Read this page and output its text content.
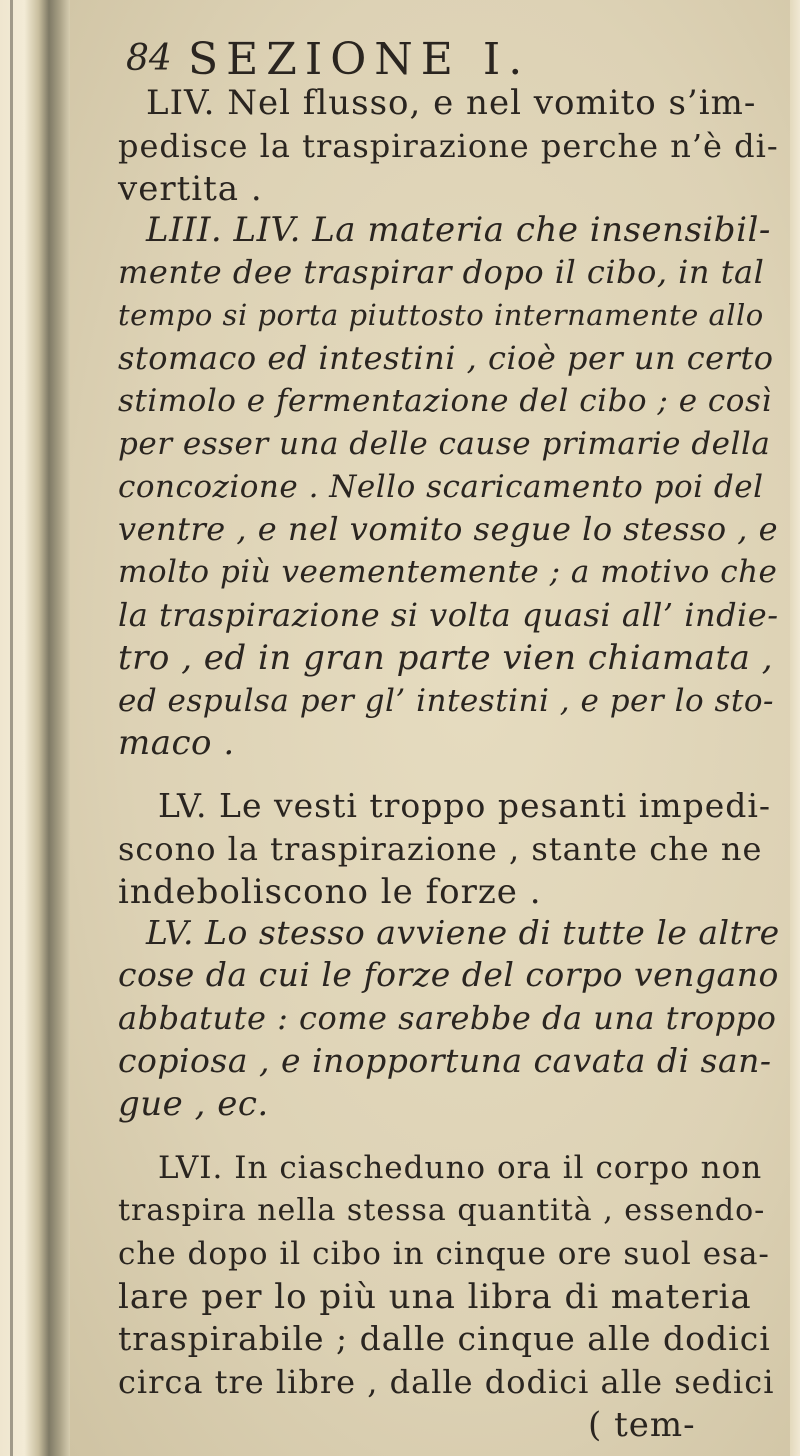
84 SEZIONE I.
LIV. Nel flusso, e nel vomito s’im-
pedisce la traspirazione perche n’è di-
vertita .
LIII. LIV. La materia che insensibil-
mente dee traspirar dopo il cibo, in tal
tempo si porta piuttosto internamente allo
stomaco ed intestini , cioè per un certo
stimolo e fermentazione del cibo ; e così
per esser una delle cause primarie della
concozione . Nello scaricamento poi del
ventre , e nel vomito segue lo stesso , e
molto più veementemente ; a motivo che
la traspirazione si volta quasi all’ indie-
tro , ed in gran parte vien chiamata ,
ed espulsa per gl’ intestini , e per lo sto-
maco .
LV. Le vesti troppo pesanti impedi-
scono la traspirazione , stante che ne
indeboliscono le forze .
LV. Lo stesso avviene di tutte le altre
cose da cui le forze del corpo vengano
abbatute : come sarebbe da una troppo
copiosa , e inopportuna cavata di san-
gue , ec.
LVI. In ciascheduno ora il corpo non
traspira nella stessa quantità , essendo-
che dopo il cibo in cinque ore suol esa-
lare per lo più una libra di materia
traspirabile ; dalle cinque alle dodici
circa tre libre , dalle dodici alle sedici
( tem-
